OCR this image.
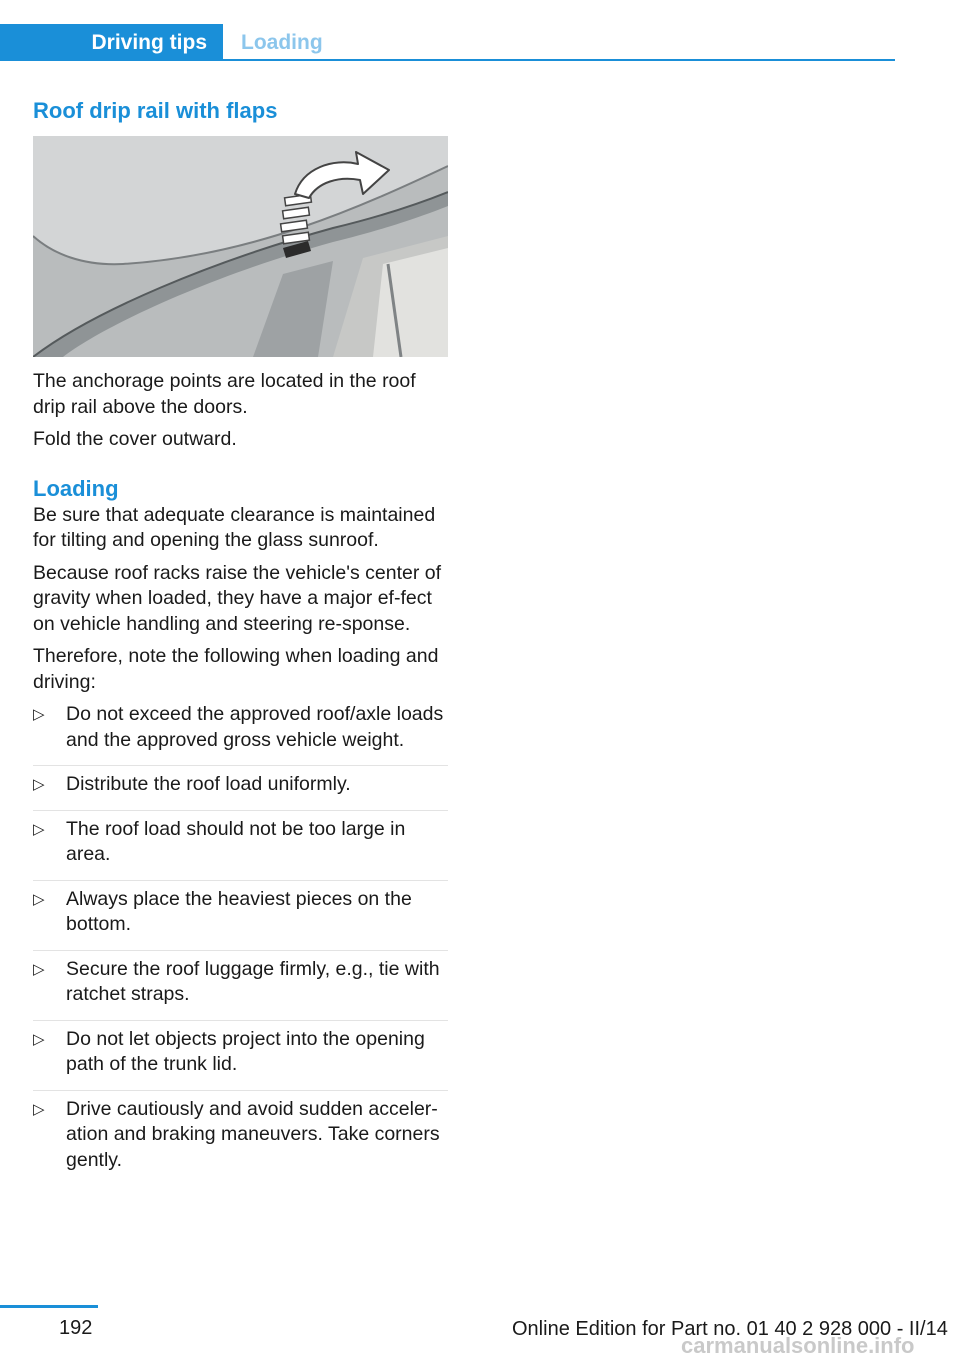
Driving tips	Loading
Roof drip rail with flaps

The anchorage points are located in the roof drip rail above the doors.

Fold the cover outward.

Loading

Be sure that adequate clearance is maintained for tilting and opening the glass sunroof.

Because roof racks raise the vehicle's center of gravity when loaded, they have a major ef-fect on vehicle handling and steering re-sponse.

Therefore, note the following when loading and driving:

▷ Do not exceed the approved roof/axle loads and the approved gross vehicle weight.
▷ Distribute the roof load uniformly.
▷ The roof load should not be too large in area.
▷ Always place the heaviest pieces on the bottom.
▷ Secure the roof luggage firmly, e.g., tie with ratchet straps.
▷ Do not let objects project into the opening path of the trunk lid.
▷ Drive cautiously and avoid sudden acceler-ation and braking maneuvers. Take corners gently.
192	Online Edition for Part no. 01 40 2 928 000 - II/14
carmanualsonline.info
